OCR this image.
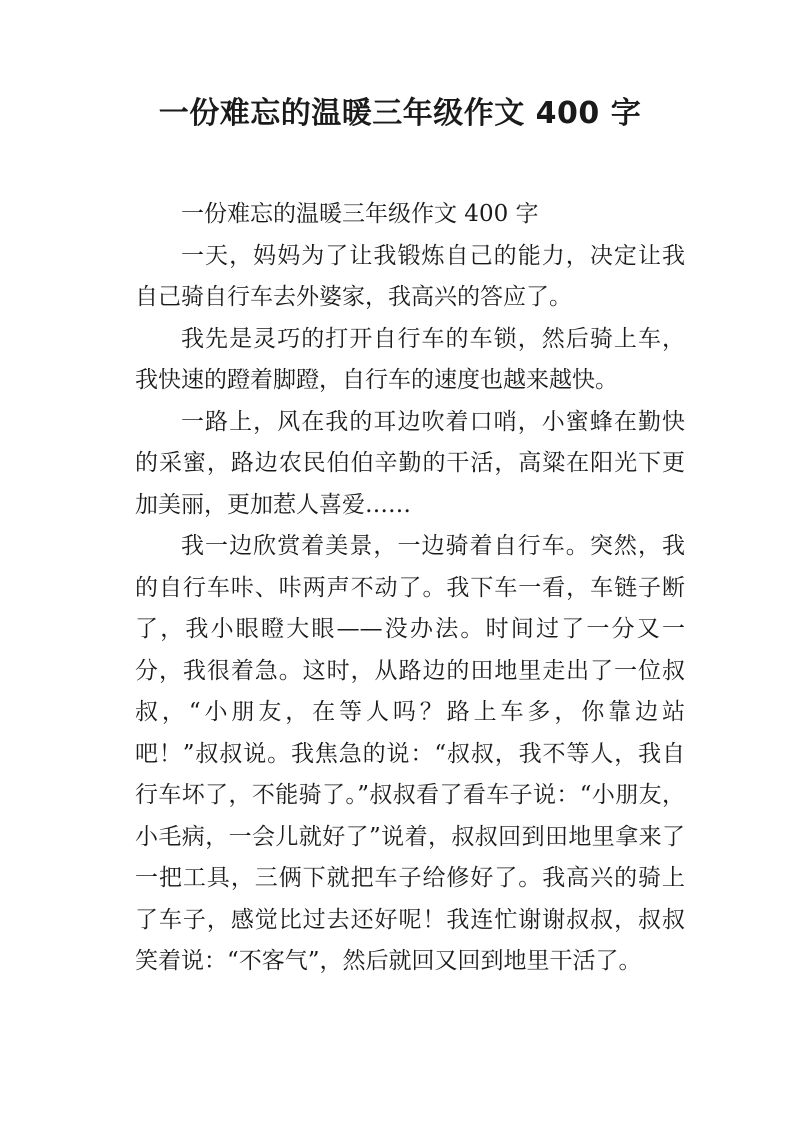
一份难忘的温暖三年级作文 400 字

一份难忘的温暖三年级作文 400 字

一天，妈妈为了让我锻炼自己的能力，决定让我自己骑自行车去外婆家，我高兴的答应了。

我先是灵巧的打开自行车的车锁，然后骑上车，我快速的蹬着脚蹬，自行车的速度也越来越快。

一路上，风在我的耳边吹着口哨，小蜜蜂在勤快的采蜜，路边农民伯伯辛勤的干活，高粱在阳光下更加美丽，更加惹人喜爱……

我一边欣赏着美景，一边骑着自行车。突然，我的自行车咔、咔两声不动了。我下车一看，车链子断了，我小眼瞪大眼——没办法。时间过了一分又一分，我很着急。这时，从路边的田地里走出了一位叔叔，“小朋友，在等人吗？路上车多，你靠边站吧！”叔叔说。我焦急的说：“叔叔，我不等人，我自行车坏了，不能骑了。”叔叔看了看车子说：“小朋友，小毛病，一会儿就好了”说着，叔叔回到田地里拿来了一把工具，三俩下就把车子给修好了。我高兴的骑上了车子，感觉比过去还好呢！我连忙谢谢叔叔，叔叔笑着说：“不客气”，然后就回又回到地里干活了。
